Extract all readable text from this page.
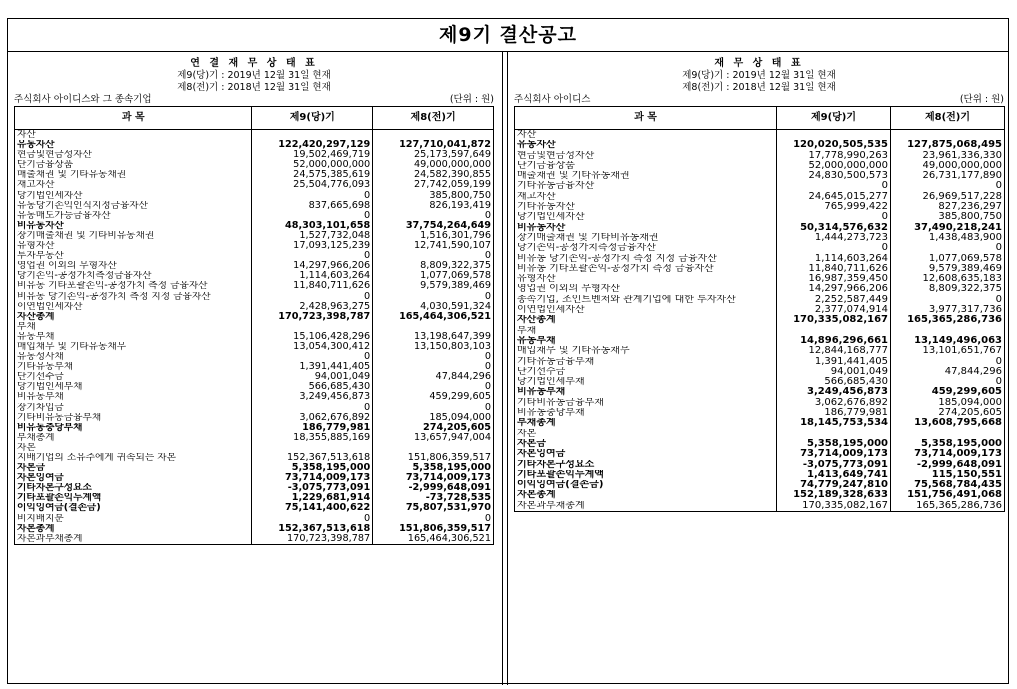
제9기 결산공고
연 결 재 무 상 태 표
제9(당)기 : 2019년 12월 31일 현재
제8(전)기 : 2018년 12월 31일 현재
주식회사 아이디스와 그 종속기업	(단위 : 원)
과 목	제9(당)기	제8(전)기
자산		
유동자산	122,420,297,129	127,710,041,872
현금및현금성자산	19,502,469,719	25,173,597,649
단기금융상품	52,000,000,000	49,000,000,000
매출채권 및 기타유동채권	24,575,385,619	24,582,390,855
재고자산	25,504,776,093	27,742,059,199
당기법인세자산	0	385,800,750
유동당기손익인식지정금융자산	837,665,698	826,193,419
유동매도가능금융자산	0	0
비유동자산	48,303,101,658	37,754,264,649
장기매출채권 및 기타비유동채권	1,527,732,048	1,516,301,796
유형자산	17,093,125,239	12,741,590,107
투자부동산	0	0
영업권 이외의 무형자산	14,297,966,206	8,809,322,375
당기손익-공정가치측정금융자산	1,114,603,264	1,077,069,578
비유동 기타포괄손익-공정가치 측정 금융자산	11,840,711,626	9,579,389,469
비유동 당기손익-공정가치 측정 지정 금융자산	0	0
이연법인세자산	2,428,963,275	4,030,591,324
자산총계	170,723,398,787	165,464,306,521
부채		
유동부채	15,106,428,296	13,198,647,399
매입채무 및 기타유동채무	13,054,300,412	13,150,803,103
유동성사채	0	0
기타유동부채	1,391,441,405	0
단기선수금	94,001,049	47,844,296
당기법인세부채	566,685,430	0
비유동부채	3,249,456,873	459,299,605
장기차입금	0	0
기타비유동금융부채	3,062,676,892	185,094,000
비유동충당부채	186,779,981	274,205,605
부채총계	18,355,885,169	13,657,947,004
자본		
지배기업의 소유주에게 귀속되는 자본	152,367,513,618	151,806,359,517
자본금	5,358,195,000	5,358,195,000
자본잉여금	73,714,009,173	73,714,009,173
기타자본구성요소	-3,075,773,091	-2,999,648,091
기타포괄손익누계액	1,229,681,914	-73,728,535
이익잉여금(결손금)	75,141,400,622	75,807,531,970
비지배지분	0	0
자본총계	152,367,513,618	151,806,359,517
자본과부채총계	170,723,398,787	165,464,306,521
재 무 상 태 표
제9(당)기 : 2019년 12월 31일 현재
제8(전)기 : 2018년 12월 31일 현재
주식회사 아이디스	(단위 : 원)
과 목	제9(당)기	제8(전)기
자산		
유동자산	120,020,505,535	127,875,068,495
현금및현금성자산	17,778,990,263	23,961,336,330
단기금융상품	52,000,000,000	49,000,000,000
매출채권 및 기타유동채권	24,830,500,573	26,731,177,890
기타유동금융자산	0	0
재고자산	24,645,015,277	26,969,517,228
기타유동자산	765,999,422	827,236,297
당기법인세자산	0	385,800,750
비유동자산	50,314,576,632	37,490,218,241
장기매출채권 및 기타비유동채권	1,444,273,723	1,438,483,900
당기손익-공정가치측정금융자산	0	0
비유동 당기손익-공정가치 측정 지정 금융자산	1,114,603,264	1,077,069,578
비유동 기타포괄손익-공정가치 측정 금융자산	11,840,711,626	9,579,389,469
유형자산	16,987,359,450	12,608,635,183
영업권 이외의 무형자산	14,297,966,206	8,809,322,375
종속기업, 조인트벤처와 관계기업에 대한 투자자산	2,252,587,449	0
이연법인세자산	2,377,074,914	3,977,317,736
자산총계	170,335,082,167	165,365,286,736
부채		
유동부채	14,896,296,661	13,149,496,063
매입채무 및 기타유동채무	12,844,168,777	13,101,651,767
기타유동금융부채	1,391,441,405	0
단기선수금	94,001,049	47,844,296
당기법인세부채	566,685,430	0
비유동부채	3,249,456,873	459,299,605
기타비유동금융부채	3,062,676,892	185,094,000
비유동충당부채	186,779,981	274,205,605
부채총계	18,145,753,534	13,608,795,668
자본		
자본금	5,358,195,000	5,358,195,000
자본잉여금	73,714,009,173	73,714,009,173
기타자본구성요소	-3,075,773,091	-2,999,648,091
기타포괄손익누계액	1,413,649,741	115,150,551
이익잉여금(결손금)	74,779,247,810	75,568,784,435
자본총계	152,189,328,633	151,756,491,068
자본과부채총계	170,335,082,167	165,365,286,736
